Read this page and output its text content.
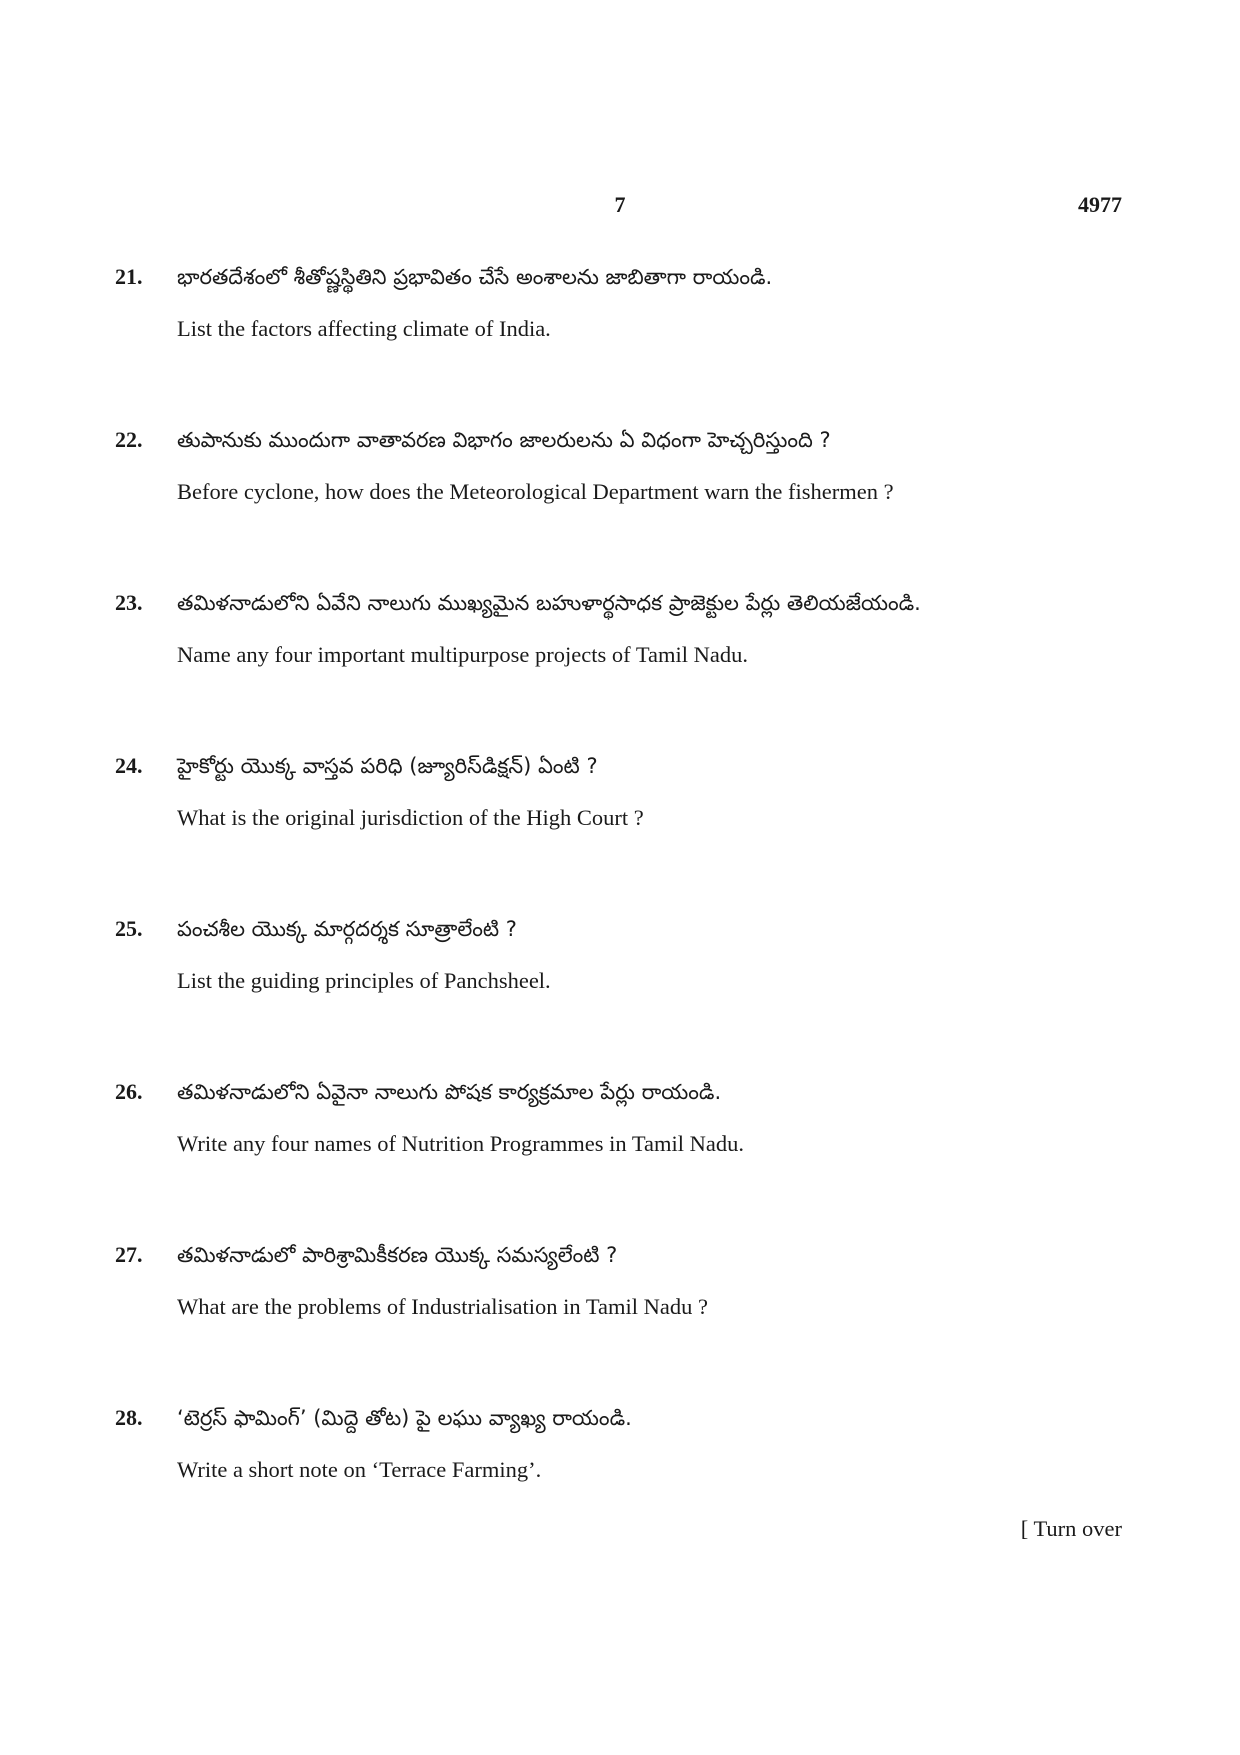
7	4977
21.	భారతదేశంలో శీతోష్ణస్థితిని ప్రభావితం చేసే అంశాలను జాబితాగా రాయండి.
List the factors affecting climate of India.
22.	తుపానుకు ముందుగా వాతావరణ విభాగం జాలరులను ఏ విధంగా హెచ్చరిస్తుంది ?
Before cyclone, how does the Meteorological Department warn the fishermen ?
23.	తమిళనాడులోని ఏవేని నాలుగు ముఖ్యమైన బహుళార్థసాధక ప్రాజెక్టుల పేర్లు తెలియజేయండి.
Name any four important multipurpose projects of Tamil Nadu.
24.	హైకోర్టు యొక్క వాస్తవ పరిధి (జ్యూరిస్‌డిక్షన్) ఏంటి ?
What is the original jurisdiction of the High Court ?
25.	పంచశీల యొక్క మార్గదర్శక సూత్రాలేంటి ?
List the guiding principles of Panchsheel.
26.	తమిళనాడులోని ఏవైనా నాలుగు పోషక కార్యక్రమాల పేర్లు రాయండి.
Write any four names of Nutrition Programmes in Tamil Nadu.
27.	తమిళనాడులో పారిశ్రామికీకరణ యొక్క సమస్యలేంటి ?
What are the problems of Industrialisation in Tamil Nadu ?
28.	‘టెర్రస్ ఫామింగ్’ (మిద్దె తోట) పై లఘు వ్యాఖ్య రాయండి.
Write a short note on ‘Terrace Farming’.
[ Turn over
